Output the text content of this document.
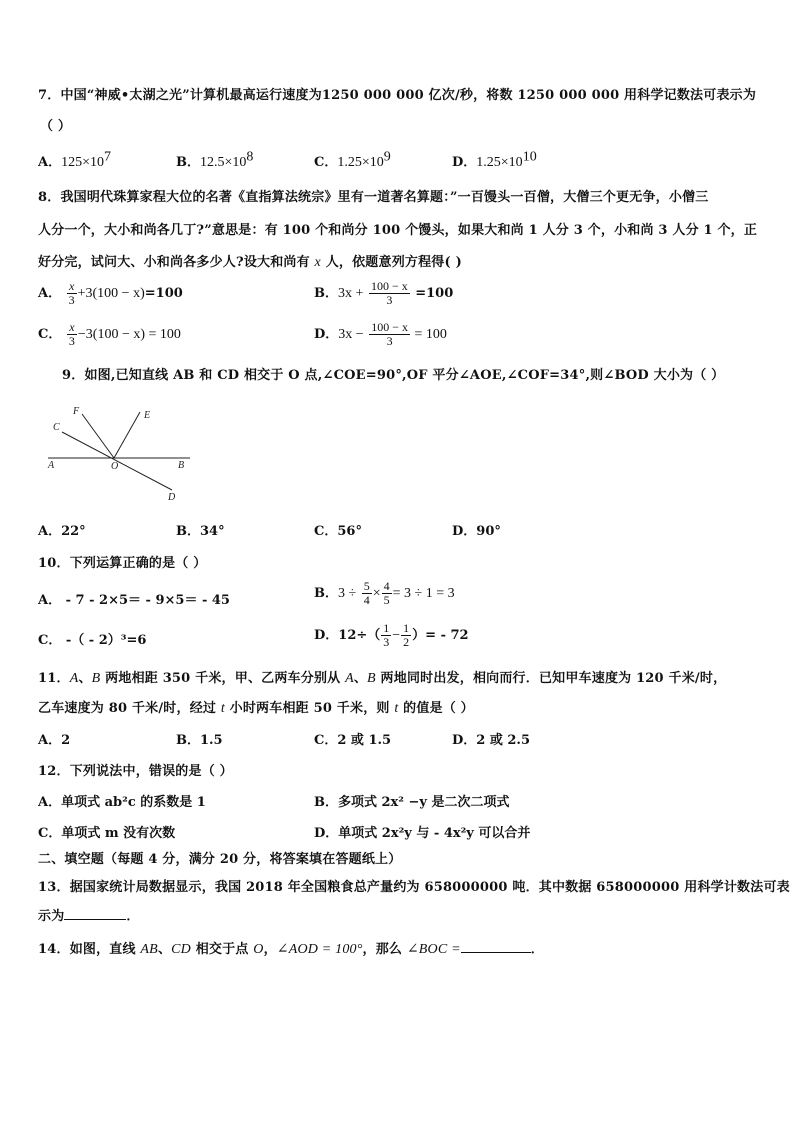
7．中国“神威•太湖之光”计算机最高运行速度为1250 000 000 亿次/秒，将数 1250 000 000 用科学记数法可表示为
（ ）
A．$125\times 10^7$	B．$12.5\times 10^8$	C．$1.25\times 10^9$	D．$1.25\times 10^{10}$
8．我国明代珠算家程大位的名著《直指算法统宗》里有一道著名算题：”一百馒头一百僧，大僧三个更无争，小僧三
人分一个，大小和尚各几丁?”意思是：有 100 个和尚分 100 个馒头，如果大和尚 1 人分 3 个，小和尚 3 人分 1 个，正
好分完，试问大、小和尚各多少人?设大和尚有 x 人，依题意列方程得( )
A． $\frac{x}{3} +3(100 - x)=100$	B．$3x + \frac{100 - x}{3} =100$
C． $\frac{x}{3} -3(100 - x) = 100$	D．$3x - \frac{100 - x}{3} = 100$
9．如图,已知直线 AB 和 CD 相交于 O 点,∠COE=90°,OF 平分∠AOE,∠COF=34°,则∠BOD 大小为（ ）
A	B
C
D
E
F
O
A．22°	B．34°	C．56°	D．90°
10．下列运算正确的是（ ）
A． - 7 - 2×5＝ - 9×5＝ - 45	B．$3 \div \frac{5}{4} \times \frac{4}{5} = 3 \div 1 = 3$
C． -（ - 2）³=6	D．$12\div( \frac{1}{3} - \frac{1}{2}$ ）= - 72
11．A、B 两地相距 350 千米，甲、乙两车分别从 A、B 两地同时出发，相向而行．已知甲车速度为 120 千米/时，
乙车速度为 80 千米/时，经过 t 小时两车相距 50 千米，则 t 的值是（ ）
A．2	B．1.5	C．2 或 1.5	D．2 或 2.5
12．下列说法中，错误的是（ ）
A．单项式 ab²c 的系数是 1	B．多项式 2x² −y 是二次二项式
C．单项式 m 没有次数	D．单项式 2x²y 与 - 4x²y 可以合并
二、填空题（每题 4 分，满分 20 分，将答案填在答题纸上）
13．据国家统计局数据显示，我国 2018 年全国粮食总产量约为 658000000 吨．其中数据 658000000 用科学计数法可表
示为	．
14．如图，直线 AB、CD 相交于点 O，∠AOD = 100°，那么 ∠BOC =	．
